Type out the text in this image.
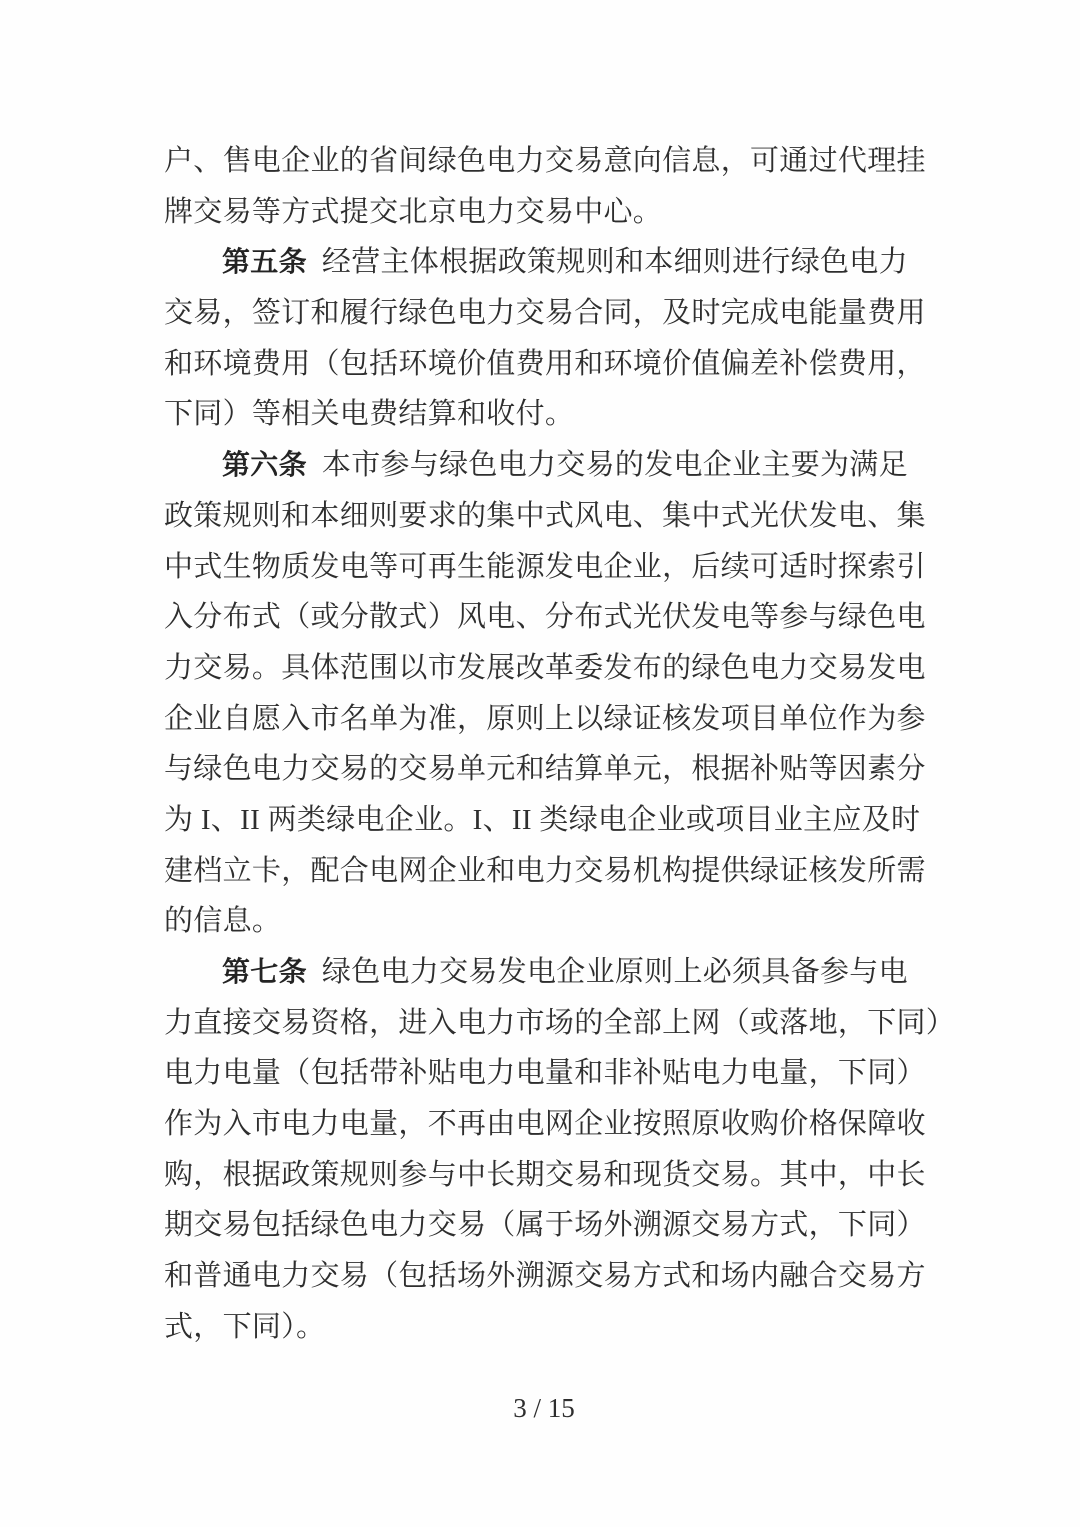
户、售电企业的省间绿色电力交易意向信息，可通过代理挂
牌交易等方式提交北京电力交易中心。
第五条 经营主体根据政策规则和本细则进行绿色电力
交易，签订和履行绿色电力交易合同，及时完成电能量费用
和环境费用（包括环境价值费用和环境价值偏差补偿费用，
下同）等相关电费结算和收付。
第六条 本市参与绿色电力交易的发电企业主要为满足
政策规则和本细则要求的集中式风电、集中式光伏发电、集
中式生物质发电等可再生能源发电企业，后续可适时探索引
入分布式（或分散式）风电、分布式光伏发电等参与绿色电
力交易。具体范围以市发展改革委发布的绿色电力交易发电
企业自愿入市名单为准，原则上以绿证核发项目单位作为参
与绿色电力交易的交易单元和结算单元，根据补贴等因素分
为 I、II 两类绿电企业。I、II 类绿电企业或项目业主应及时
建档立卡，配合电网企业和电力交易机构提供绿证核发所需
的信息。
第七条 绿色电力交易发电企业原则上必须具备参与电
力直接交易资格，进入电力市场的全部上网（或落地，下同）
电力电量（包括带补贴电力电量和非补贴电力电量，下同）
作为入市电力电量，不再由电网企业按照原收购价格保障收
购，根据政策规则参与中长期交易和现货交易。其中，中长
期交易包括绿色电力交易（属于场外溯源交易方式，下同）
和普通电力交易（包括场外溯源交易方式和场内融合交易方
式，下同）。
3 / 15
